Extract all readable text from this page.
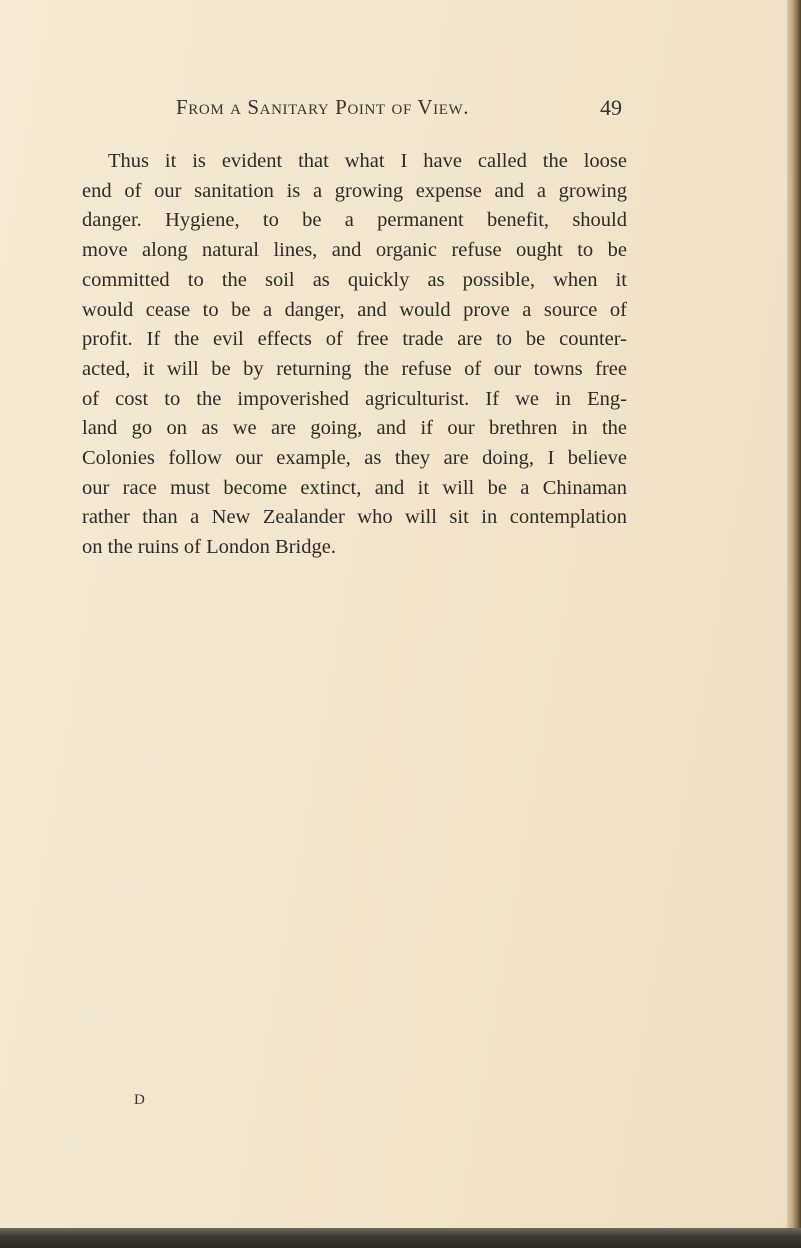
From a Sanitary Point of View.	49
Thus it is evident that what I have called the loose
end of our sanitation is a growing expense and a growing
danger. Hygiene, to be a permanent benefit, should
move along natural lines, and organic refuse ought to be
committed to the soil as quickly as possible, when it
would cease to be a danger, and would prove a source of
profit. If the evil effects of free trade are to be counter-
acted, it will be by returning the refuse of our towns free
of cost to the impoverished agriculturist. If we in Eng-
land go on as we are going, and if our brethren in the
Colonies follow our example, as they are doing, I believe
our race must become extinct, and it will be a Chinaman
rather than a New Zealander who will sit in contemplation
on the ruins of London Bridge.
D
